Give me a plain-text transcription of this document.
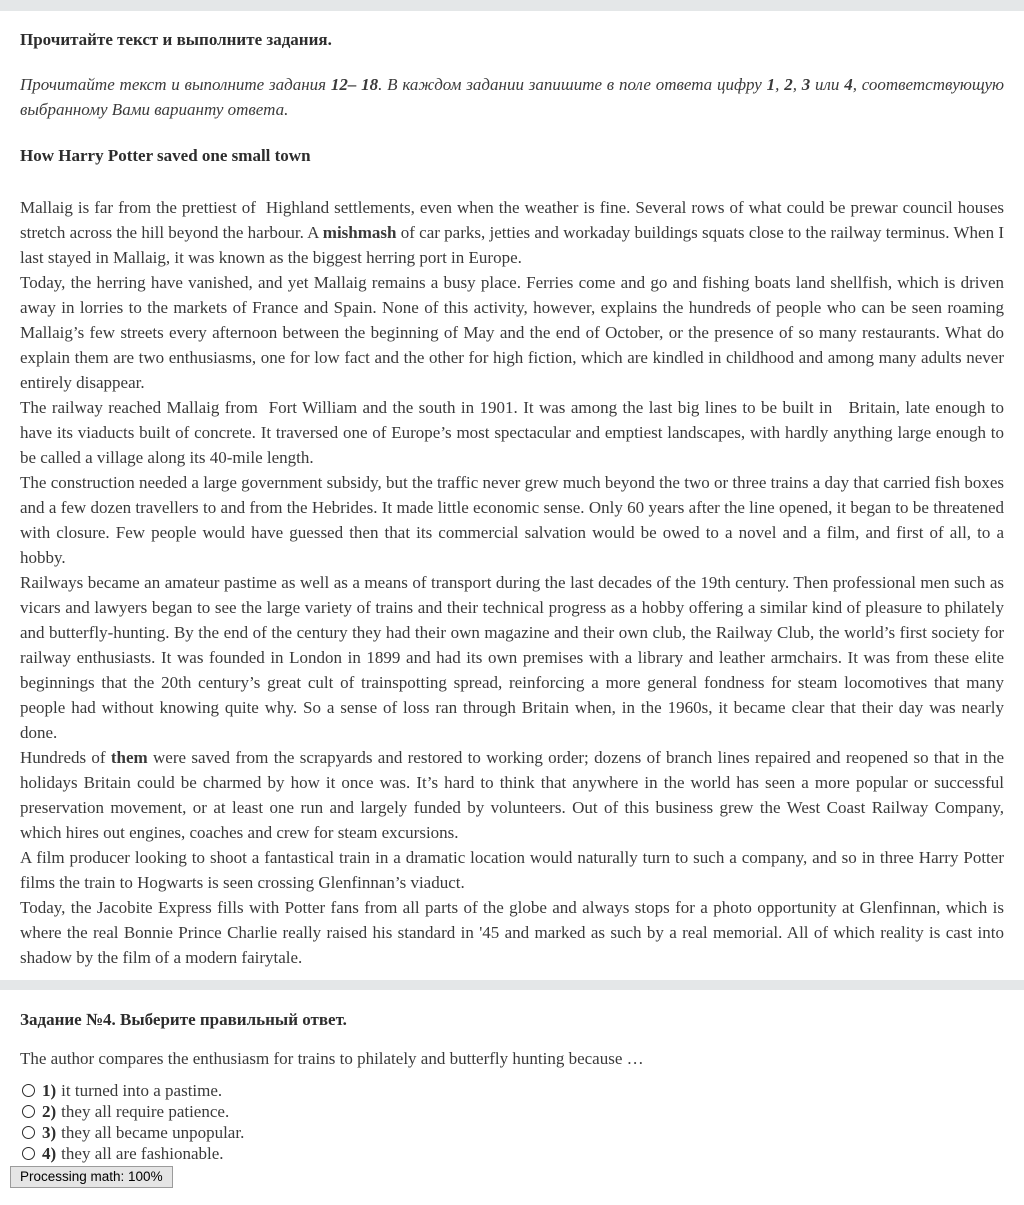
Прочитайте текст и выполните задания.

Прочитайте текст и выполните задания 12– 18. В каждом задании запишите в поле ответа цифру 1, 2, 3 или 4, соответствующую выбранному Вами варианту ответа.

How Harry Potter saved one small town

Mallaig is far from the prettiest of  Highland settlements, even when the weather is fine. Several rows of what could be prewar council houses stretch across the hill beyond the harbour. A mishmash of car parks, jetties and workaday buildings squats close to the railway terminus. When I last stayed in Mallaig, it was known as the biggest herring port in Europe.

Today, the herring have vanished, and yet Mallaig remains a busy place. Ferries come and go and fishing boats land shellfish, which is driven away in lorries to the markets of France and Spain. None of this activity, however, explains the hundreds of people who can be seen roaming Mallaig’s few streets every afternoon between the beginning of May and the end of October, or the presence of so many restaurants. What do explain them are two enthusiasms, one for low fact and the other for high fiction, which are kindled in childhood and among many adults never entirely disappear.

The railway reached Mallaig from  Fort William and the south in 1901. It was among the last big lines to be built in   Britain, late enough to have its viaducts built of concrete. It traversed one of Europe’s most spectacular and emptiest landscapes, with hardly anything large enough to be called a village along its 40-mile length.

The construction needed a large government subsidy, but the traffic never grew much beyond the two or three trains a day that carried fish boxes and a few dozen travellers to and from the Hebrides. It made little economic sense. Only 60 years after the line opened, it began to be threatened with closure. Few people would have guessed then that its commercial salvation would be owed to a novel and a film, and first of all, to a hobby.

Railways became an amateur pastime as well as a means of transport during the last decades of the 19th century. Then professional men such as vicars and lawyers began to see the large variety of trains and their technical progress as a hobby offering a similar kind of pleasure to philately and butterfly-hunting. By the end of the century they had their own magazine and their own club, the Railway Club, the world’s first society for railway enthusiasts. It was founded in London in 1899 and had its own premises with a library and leather armchairs. It was from these elite beginnings that the 20th century’s great cult of trainspotting spread, reinforcing a more general fondness for steam locomotives that many people had without knowing quite why. So a sense of loss ran through Britain when, in the 1960s, it became clear that their day was nearly done.

Hundreds of them were saved from the scrapyards and restored to working order; dozens of branch lines repaired and reopened so that in the holidays Britain could be charmed by how it once was. It’s hard to think that anywhere in the world has seen a more popular or successful preservation movement, or at least one run and largely funded by volunteers. Out of this business grew the West Coast Railway Company, which hires out engines, coaches and crew for steam excursions.

A film producer looking to shoot a fantastical train in a dramatic location would naturally turn to such a company, and so in three Harry Potter films the train to Hogwarts is seen crossing Glenfinnan’s viaduct.

Today, the Jacobite Express fills with Potter fans from all parts of the globe and always stops for a photo opportunity at Glenfinnan, which is where the real Bonnie Prince Charlie really raised his standard in '45 and marked as such by a real memorial. All of which reality is cast into shadow by the film of a modern fairytale.

Задание №4. Выберите правильный ответ.

The author compares the enthusiasm for trains to philately and butterfly hunting because …

1) it turned into a pastime.
2) they all require patience.
3) they all became unpopular.
4) they all are fashionable.
Processing math: 100%
